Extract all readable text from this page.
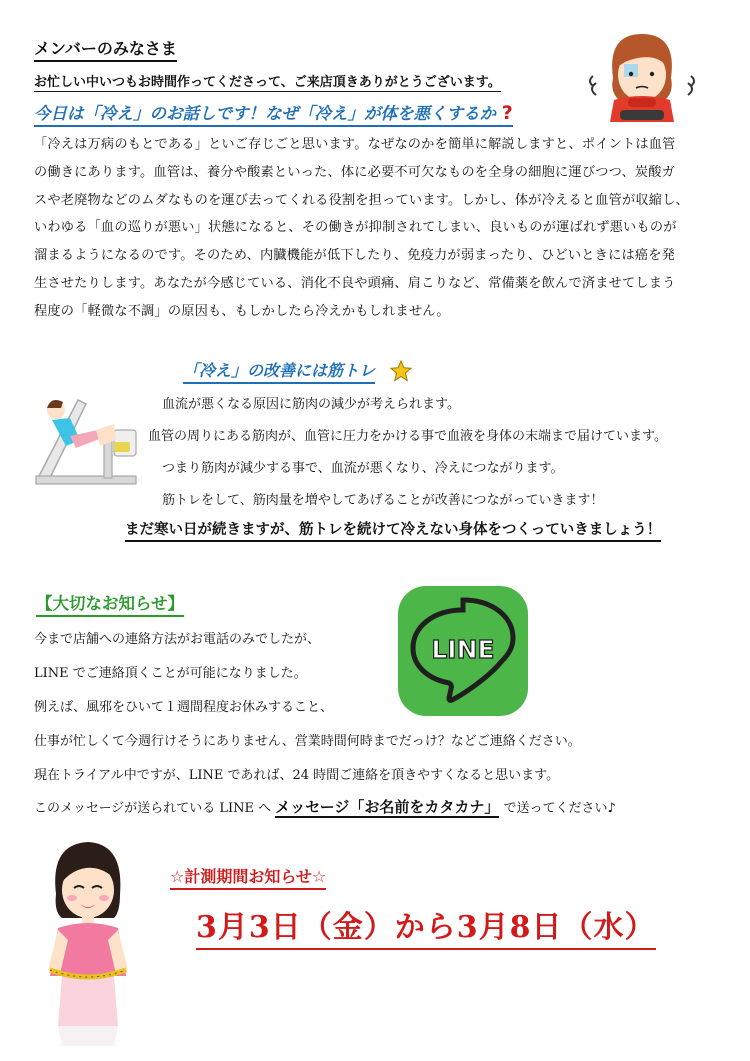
メンバーのみなさま
お忙しい中いつもお時間作ってくださって、ご来店頂きありがとうございます。
今日は「冷え」のお話しです！なぜ「冷え」が体を悪くするか ?
「冷えは万病のもとである」といご存じごと思います。なぜなのかを簡単に解説しますと、ポイントは血管
の働きにあります。血管は、養分や酸素といった、体に必要不可欠なものを全身の細胞に運びつつ、炭酸ガ
スや老廃物などのムダなものを運び去ってくれる役割を担っています。しかし、体が冷えると血管が収縮し、
いわゆる「血の巡りが悪い」状態になると、その働きが抑制されてしまい、良いものが運ばれず悪いものが
溜まるようになるのです。そのため、内臓機能が低下したり、免疫力が弱まったり、ひどいときには癌を発
生させたりします。あなたが今感じている、消化不良や頭痛、肩こりなど、常備薬を飲んで済ませてしまう
程度の「軽微な不調」の原因も、もしかしたら冷えかもしれません。
「冷え」の改善には筋トレ
血流が悪くなる原因に筋肉の減少が考えられます。
血管の周りにある筋肉が、血管に圧力をかける事で血液を身体の末端まで届けています。
つまり筋肉が減少する事で、血流が悪くなり、冷えにつながります。
筋トレをして、筋肉量を増やしてあげることが改善につながっていきます！
まだ寒い日が続きますが、筋トレを続けて冷えない身体をつくっていきましょう！
【大切なお知らせ】
今まで店舗への連絡方法がお電話のみでしたが、
LINE でご連絡頂くことが可能になりました。
例えば、風邪をひいて１週間程度お休みすること、
仕事が忙しくて今週行けそうにありません、営業時間何時までだっけ？などご連絡ください。
現在トライアル中ですが、LINE であれば、24 時間ご連絡を頂きやすくなると思います。
このメッセージが送られている LINE へ メッセージ「お名前をカタカナ」 で送ってください♪
LINE
☆計測期間お知らせ☆
3月3日（金）から3月8日（水）
